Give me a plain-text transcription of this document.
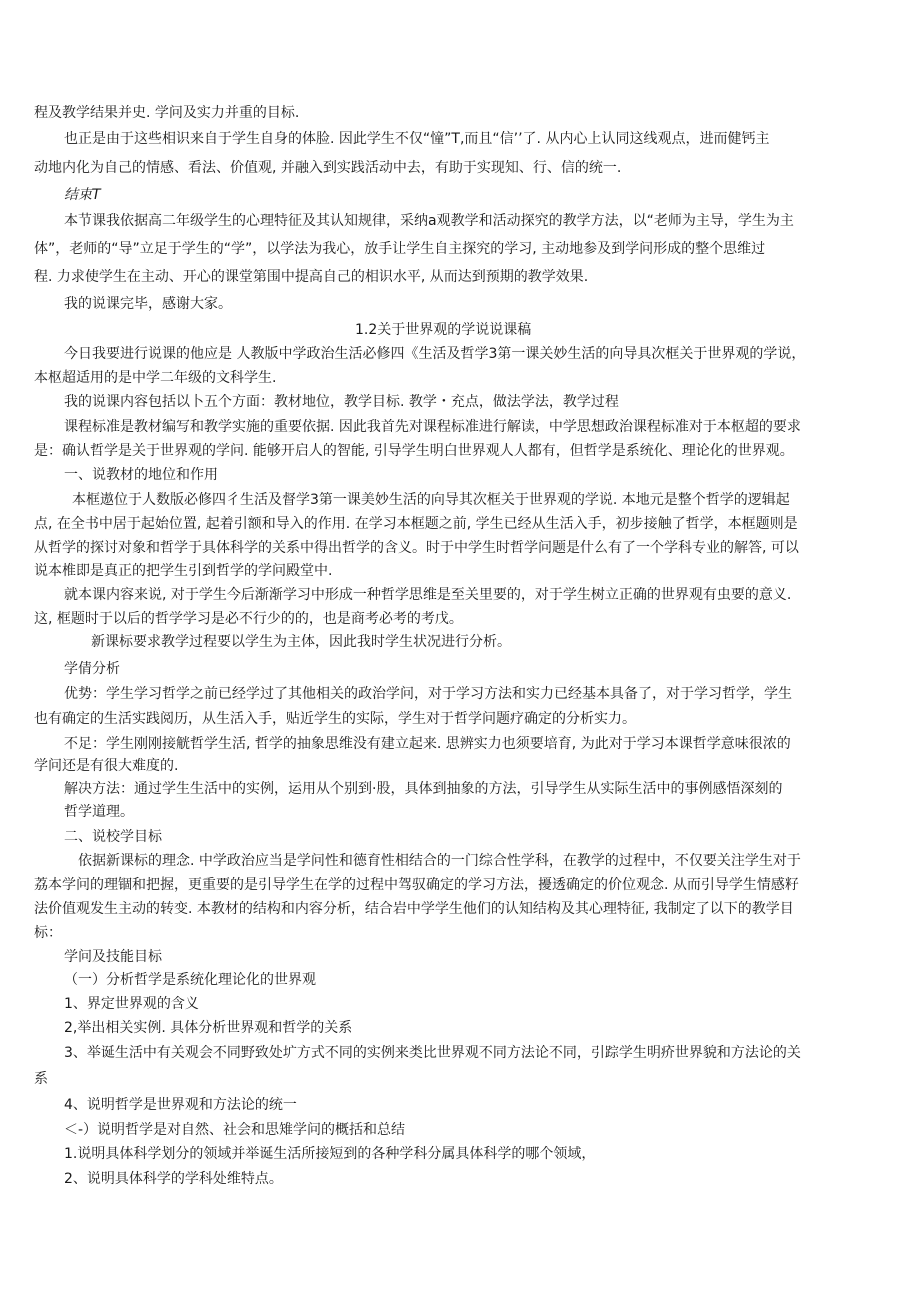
程及教学结果并史. 学问及实力并重的目标.

也正是由于这些相识来自于学生自身的体脸. 因此学生不仅“憧”T,而且“信’’了. 从内心上认同这线观点，进而健钙主

动地内化为自己的情感、看法、价值观, 并融入到实践活动中去，有助于实现知、行、信的统一.

结束T

本节课我依据高二年级学生的心理特征及其认知规律，采纳a观教学和活动探究的教学方法，以“老师为主导，学生为主

体”，老师的“导”立足于学生的“学”，以学法为我心，放手让学生自主探究的学习, 主动地参及到学问形成的整个思维过

程. 力求使学生在主动、开心的课堂第围中提高自己的相识水平, 从而达到预期的教学效果.

我的说课完毕，感谢大家。

1.2关于世界观的学说说课稿

今日我要进行说课的他应是 人教版中学政治生活必修四《生活及哲学3第一课关妙生活的向导具次框关于世界观的学说，

本枢超适用的是中学二年级的文科学生.

我的说课内容包括以卜五个方面：教材地位，教学目标. 教学・充点，做法学法，教学过程

课程标准是教材编写和教学实施的重要依据. 因此我首先对课程标准进行解读，中学思想政治课程标准对于本枢超的要求

是：确认哲学是关于世界观的学问. 能够开启人的智能, 引导学生明白世界观人人都有，但哲学是系统化、理论化的世界观。

一、说教材的地位和作用

本框遨位于人数版必修四彳生活及督学3第一课美妙生活的向导其次框关于世界观的学说. 本地元是整个哲学的逻辑起

点, 在全书中居于起始位置, 起着引额和导入的作用. 在学习本框题之前, 学生已经从生活入手，初步接触了哲学，本框题则是

从哲学的探讨对象和哲学于具体科学的关系中得出哲学的含义。时于中学生时哲学问题是什么有了一个学科专业的解答, 可以

说本椎即是真正的把学生引到哲学的学问殿堂中.

就本课内容来说, 对于学生今后渐渐学习中形成一种哲学思维是至关里要的，对于学生树立正确的世界观有虫要的意义.

这, 框题时于以后的哲学学习是必不行少的的，也是商考必考的考戊。

新课标要求教学过程要以学生为主体，因此我时学生状况进行分析。

学倩分析

优势：学生学习哲学之前已经学过了其他相关的政治学问，对于学习方法和实力已经基本具备了，对于学习哲学，学生

也有确定的生活实践阅历，从生活入手，贴近学生的实际，学生对于哲学问题疗确定的分析实力。

不足：学生刚刚接觥哲学生活, 哲学的抽象思维没有建立起来. 思辨实力也须要培育, 为此对于学习本课哲学意味很浓的

学问还是有很大难度的.

解决方法：通过学生生活中的实例，运用从个别到·股，具体到抽象的方法，引导学生从实际生活中的事例感悟深刻的

哲学道理。

二、说校学目标

依据新课标的理念. 中学政治应当是学问性和德育性相结合的一门综合性学科，在教学的过程中，不仅要关注学生对于

荔本学问的理锢和把握，更重要的是引导学生在学的过程中驾驭确定的学习方法，擾透确定的价位观念. 从而引导学生情感籽

法价值观发生主动的转变. 本教材的结构和内容分析，结合岩中学学生他们的认知结构及其心理特征, 我制定了以下的教学目

标：

学问及技能目标

（一）分析哲学是系统化理论化的世界观

1、界定世界观的含义

2,举出相关实例. 具体分析世界观和哲学的关系

3、举诞生活中有关观会不同野致处圹方式不同的实例来类比世界观不同方法论不同，引踪学生明疥世界貌和方法论的关

系

4、说明哲学是世界观和方法论的统一

＜-）说明哲学是对自然、社会和思雉学问的概括和总结

1.说明具体科学划分的领域并举诞生活所接短到的各种学科分属具体科学的哪个领域，

2、说明具体科学的学科处维特点。
